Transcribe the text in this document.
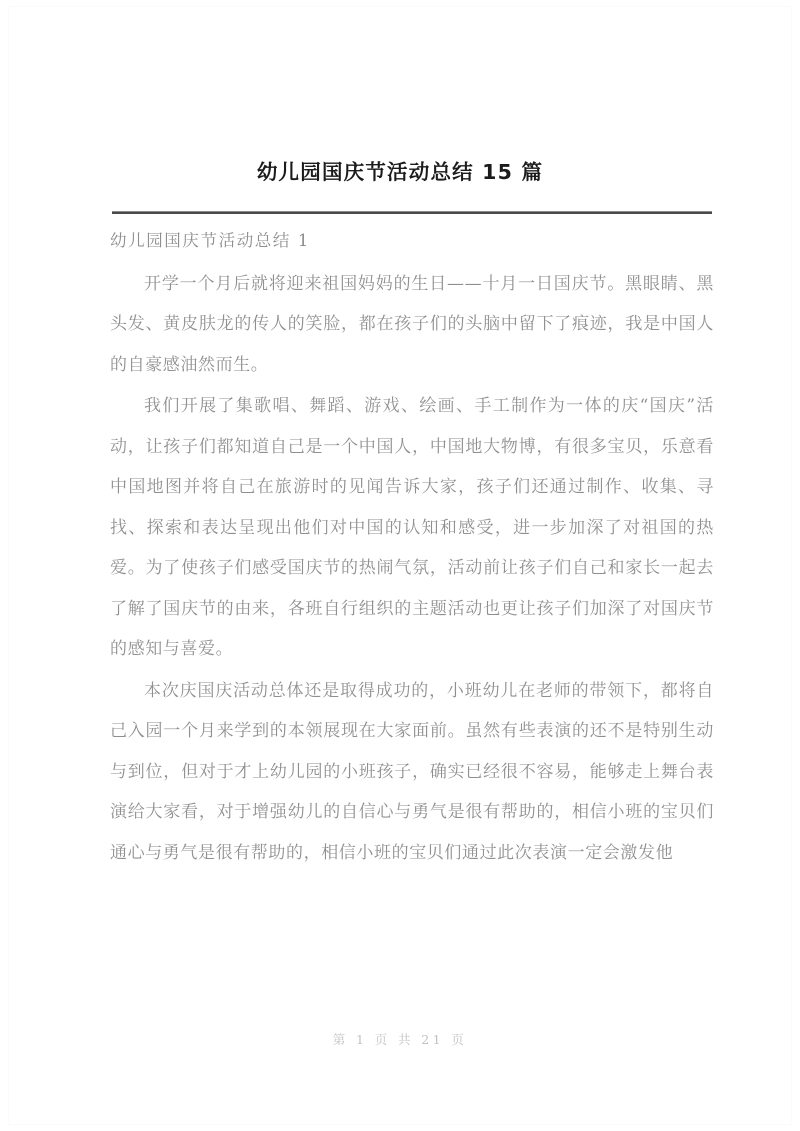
幼儿园国庆节活动总结 15 篇
幼儿园国庆节活动总结 1

开学一个月后就将迎来祖国妈妈的生日——十月一日国庆节。黑眼睛、黑头发、黄皮肤龙的传人的笑脸，都在孩子们的头脑中留下了痕迹，我是中国人的自豪感油然而生。

我们开展了集歌唱、舞蹈、游戏、绘画、手工制作为一体的庆“国庆”活动，让孩子们都知道自己是一个中国人，中国地大物博，有很多宝贝，乐意看中国地图并将自己在旅游时的见闻告诉大家，孩子们还通过制作、收集、寻找、探索和表达呈现出他们对中国的认知和感受，进一步加深了对祖国的热爱。为了使孩子们感受国庆节的热闹气氛，活动前让孩子们自己和家长一起去了解了国庆节的由来，各班自行组织的主题活动也更让孩子们加深了对国庆节的感知与喜爱。

本次庆国庆活动总体还是取得成功的，小班幼儿在老师的带领下，都将自己入园一个月来学到的本领展现在大家面前。虽然有些表演的还不是特别生动与到位，但对于才上幼儿园的小班孩子，确实已经很不容易，能够走上舞台表演给大家看，对于增强幼儿的自信心与勇气是很有帮助的，相信小班的宝贝们通心与勇气是很有帮助的，相信小班的宝贝们通过此次表演一定会激发他

第 1 页 共 21 页
